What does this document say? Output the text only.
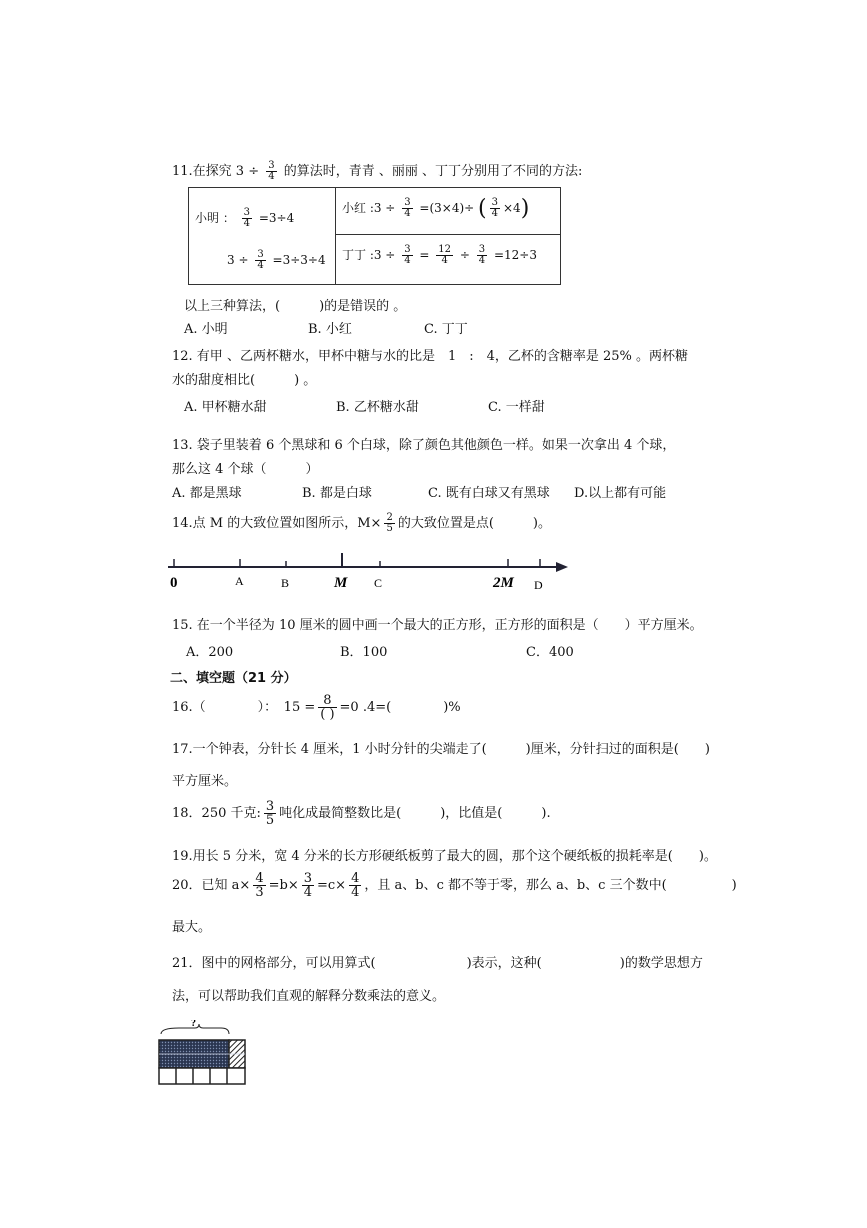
11.在探究 $3 \div \frac{3}{4}$ 的算法时，青青 、丽丽 、丁丁分别用了不同的方法:
小明 ： $\frac{3}{4} =3\div 4$
$3 \div \frac{3}{4} =3\div 3\div 4$

小红 :3 ÷ $\frac{3}{4} =(3\times 4)\div$ ( $\frac{3}{4} \times 4$)

丁丁 :3 ÷ $\frac{3}{4} = \frac{12}{4} \div \frac{3}{4} =12\div 3$
以上三种算法，(　　　)的是错误的 。
A. 小明	B. 小红	C. 丁丁
12. 有甲 、乙两杯糖水，甲杯中糖与水的比是　1　:　4，乙杯的含糖率是 25% 。两杯糖
水的甜度相比(　　　) 。
A. 甲杯糖水甜	B. 乙杯糖水甜	C. 一样甜
13. 袋子里装着 6 个黑球和 6 个白球，除了颜色其他颜色一样。如果一次拿出 4 个球，
那么这 4 个球（　　　）
A. 都是黑球	B. 都是白球	C. 既有白球又有黑球 D.以上都有可能
14.点 M 的大致位置如图所示，$M\times \frac{2}{5}$ 的大致位置是点(　　　)。
0	A	B	M C	2M D
15. 在一个半径为 10 厘米的圆中画一个最大的正方形，正方形的面积是（　　）平方厘米。
A．200	B．100	C．400
二、填空题（21 分）
16.（　　　　）：　$15 = \frac{8}{( )} =0$ .4=(　　　　)%
17.一个钟表，分针长 4 厘米，1 小时分针的尖端走了(　　　)厘米，分针扫过的面积是(　　)
平方厘米。
18．250 千克: $\frac{3}{5}$ 吨化成最简整数比是(　　　)，比值是(　　　).
19.用长 5 分米，宽 4 分米的长方形硬纸板剪了最大的圆，那个这个硬纸板的损耗率是(　　)。
20．已知 $a\times \frac{4}{3} =b\times \frac{3}{4} =c\times \frac{4}{4}$ ，且 a、b、c 都不等于零，那么 a、b、c 三个数中(　　　　　)
最大。
21．图中的网格部分，可以用算式(　　　　　　　)表示，这种(　　　　　　)的数学思想方
法，可以帮助我们直观的解释分数乘法的意义。
?
